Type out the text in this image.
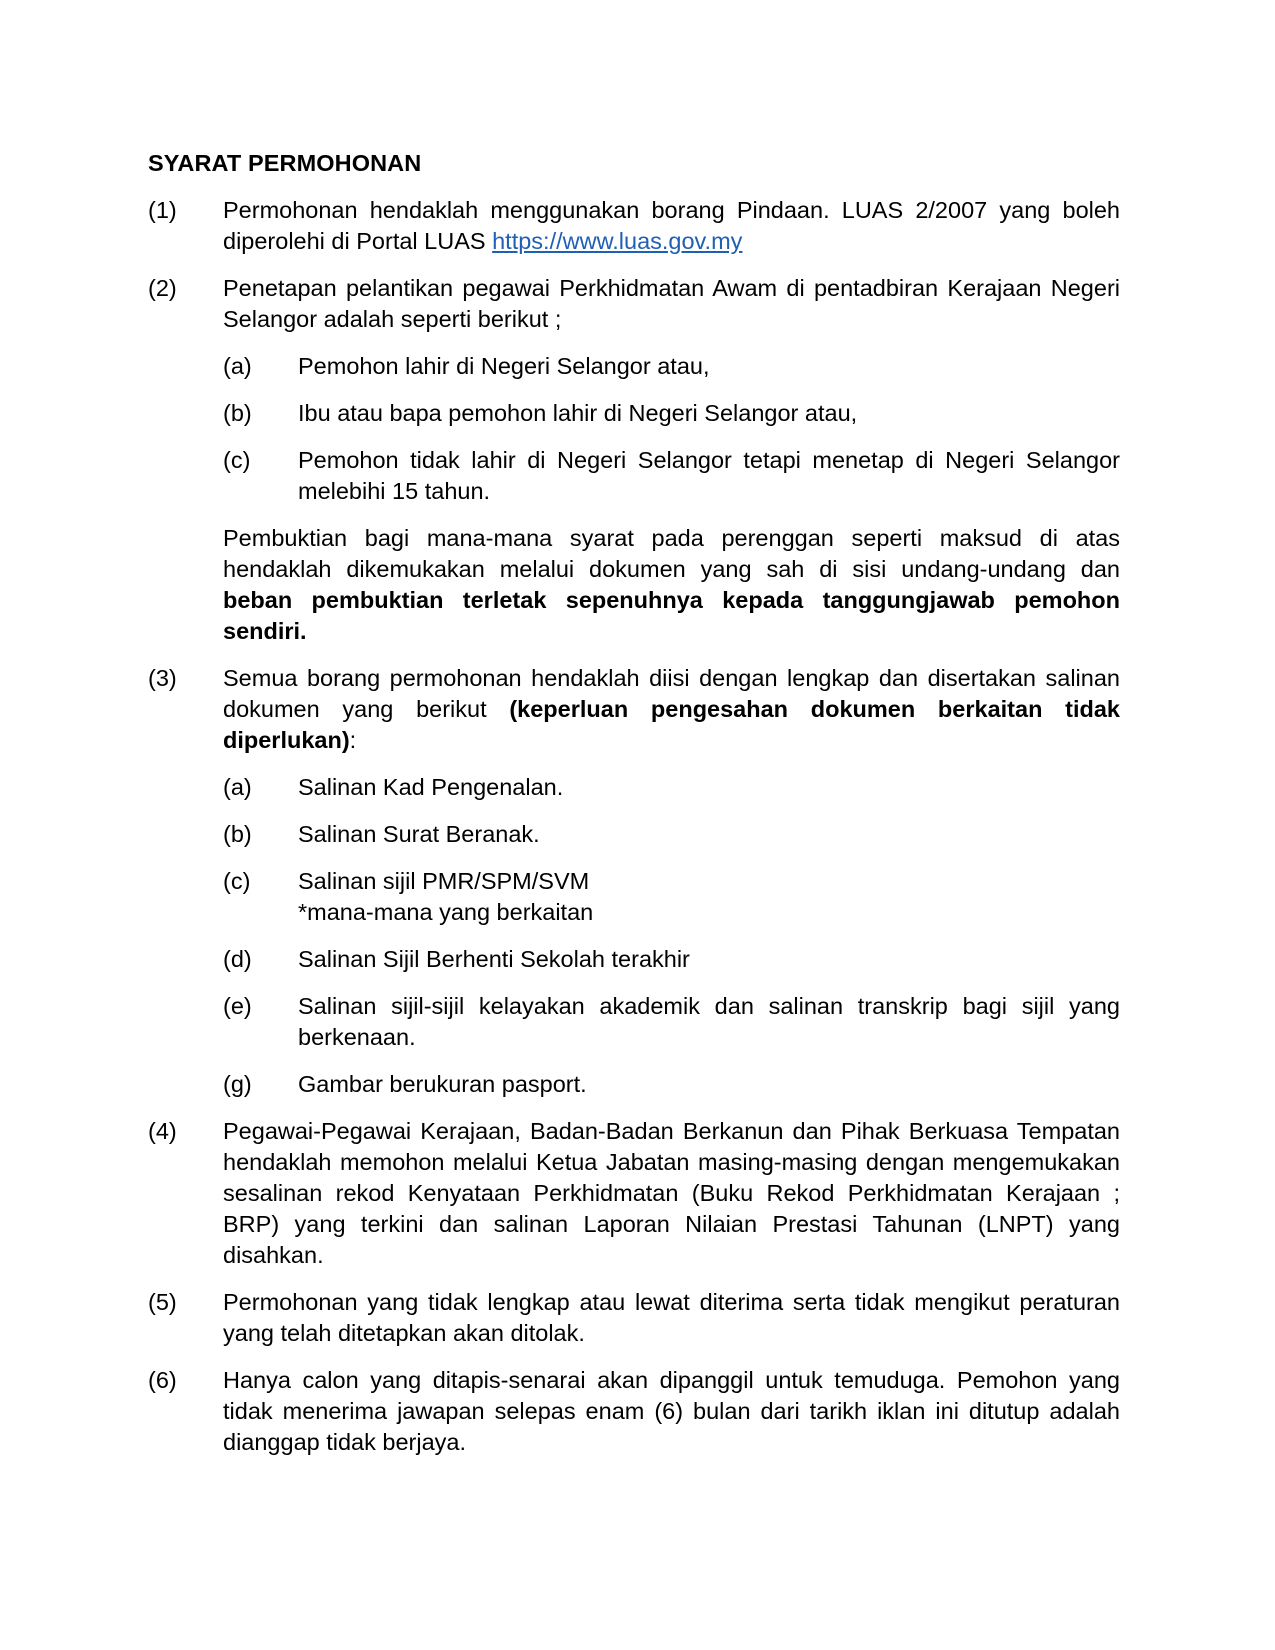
SYARAT PERMOHONAN
(1)	Permohonan hendaklah menggunakan borang Pindaan. LUAS 2/2007 yang boleh diperolehi di Portal LUAS https://www.luas.gov.my
(2)	Penetapan pelantikan pegawai Perkhidmatan Awam di pentadbiran Kerajaan Negeri Selangor adalah seperti berikut ;
(a)	Pemohon lahir di Negeri Selangor atau,
(b)	Ibu atau bapa pemohon lahir di Negeri Selangor atau,
(c)	Pemohon tidak lahir di Negeri Selangor tetapi menetap di Negeri Selangor melebihi 15 tahun.
Pembuktian bagi mana-mana syarat pada perenggan seperti maksud di atas hendaklah dikemukakan melalui dokumen yang sah di sisi undang-undang dan beban pembuktian terletak sepenuhnya kepada tanggungjawab pemohon sendiri.
(3)	Semua borang permohonan hendaklah diisi dengan lengkap dan disertakan salinan dokumen yang berikut (keperluan pengesahan dokumen berkaitan tidak diperlukan):
(a)	Salinan Kad Pengenalan.
(b)	Salinan Surat Beranak.
(c)	Salinan sijil PMR/SPM/SVM
*mana-mana yang berkaitan
(d)	Salinan Sijil Berhenti Sekolah terakhir
(e)	Salinan sijil-sijil kelayakan akademik dan salinan transkrip bagi sijil yang berkenaan.
(g)	Gambar berukuran pasport.
(4)	Pegawai-Pegawai Kerajaan, Badan-Badan Berkanun dan Pihak Berkuasa Tempatan hendaklah memohon melalui Ketua Jabatan masing-masing dengan mengemukakan sesalinan rekod Kenyataan Perkhidmatan (Buku Rekod Perkhidmatan Kerajaan ; BRP) yang terkini dan salinan Laporan Nilaian Prestasi Tahunan (LNPT) yang disahkan.
(5)	Permohonan yang tidak lengkap atau lewat diterima serta tidak mengikut peraturan yang telah ditetapkan akan ditolak.
(6)	Hanya calon yang ditapis-senarai akan dipanggil untuk temuduga. Pemohon yang tidak menerima jawapan selepas enam (6) bulan dari tarikh iklan ini ditutup adalah dianggap tidak berjaya.
